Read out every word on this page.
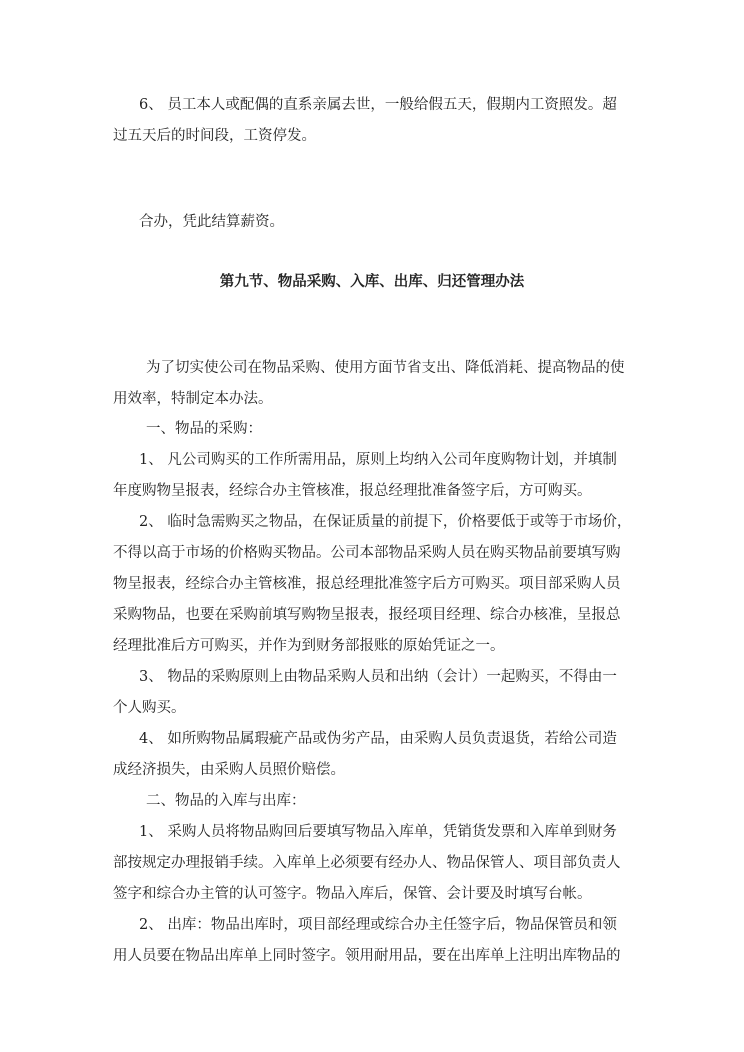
6、 员工本人或配偶的直系亲属去世，一般给假五天，假期内工资照发。超
过五天后的时间段，工资停发。
合办，凭此结算薪资。
第九节、物品采购、入库、出库、归还管理办法
为了切实使公司在物品采购、使用方面节省支出、降低消耗、提高物品的使
用效率，特制定本办法。
一、物品的采购：
1、 凡公司购买的工作所需用品，原则上均纳入公司年度购物计划，并填制
年度购物呈报表，经综合办主管核准，报总经理批准备签字后，方可购买。
2、 临时急需购买之物品，在保证质量的前提下，价格要低于或等于市场价，
不得以高于市场的价格购买物品。公司本部物品采购人员在购买物品前要填写购
物呈报表，经综合办主管核准，报总经理批准签字后方可购买。项目部采购人员
采购物品，也要在采购前填写购物呈报表，报经项目经理、综合办核准，呈报总
经理批准后方可购买，并作为到财务部报账的原始凭证之一。
3、 物品的采购原则上由物品采购人员和出纳（会计）一起购买，不得由一
个人购买。
4、 如所购物品属瑕疵产品或伪劣产品，由采购人员负责退货，若给公司造
成经济损失，由采购人员照价赔偿。
二、物品的入库与出库：
1、 采购人员将物品购回后要填写物品入库单，凭销货发票和入库单到财务
部按规定办理报销手续。入库单上必须要有经办人、物品保管人、项目部负责人
签字和综合办主管的认可签字。物品入库后，保管、会计要及时填写台帐。
2、 出库：物品出库时，项目部经理或综合办主任签字后，物品保管员和领
用人员要在物品出库单上同时签字。领用耐用品，要在出库单上注明出库物品的
